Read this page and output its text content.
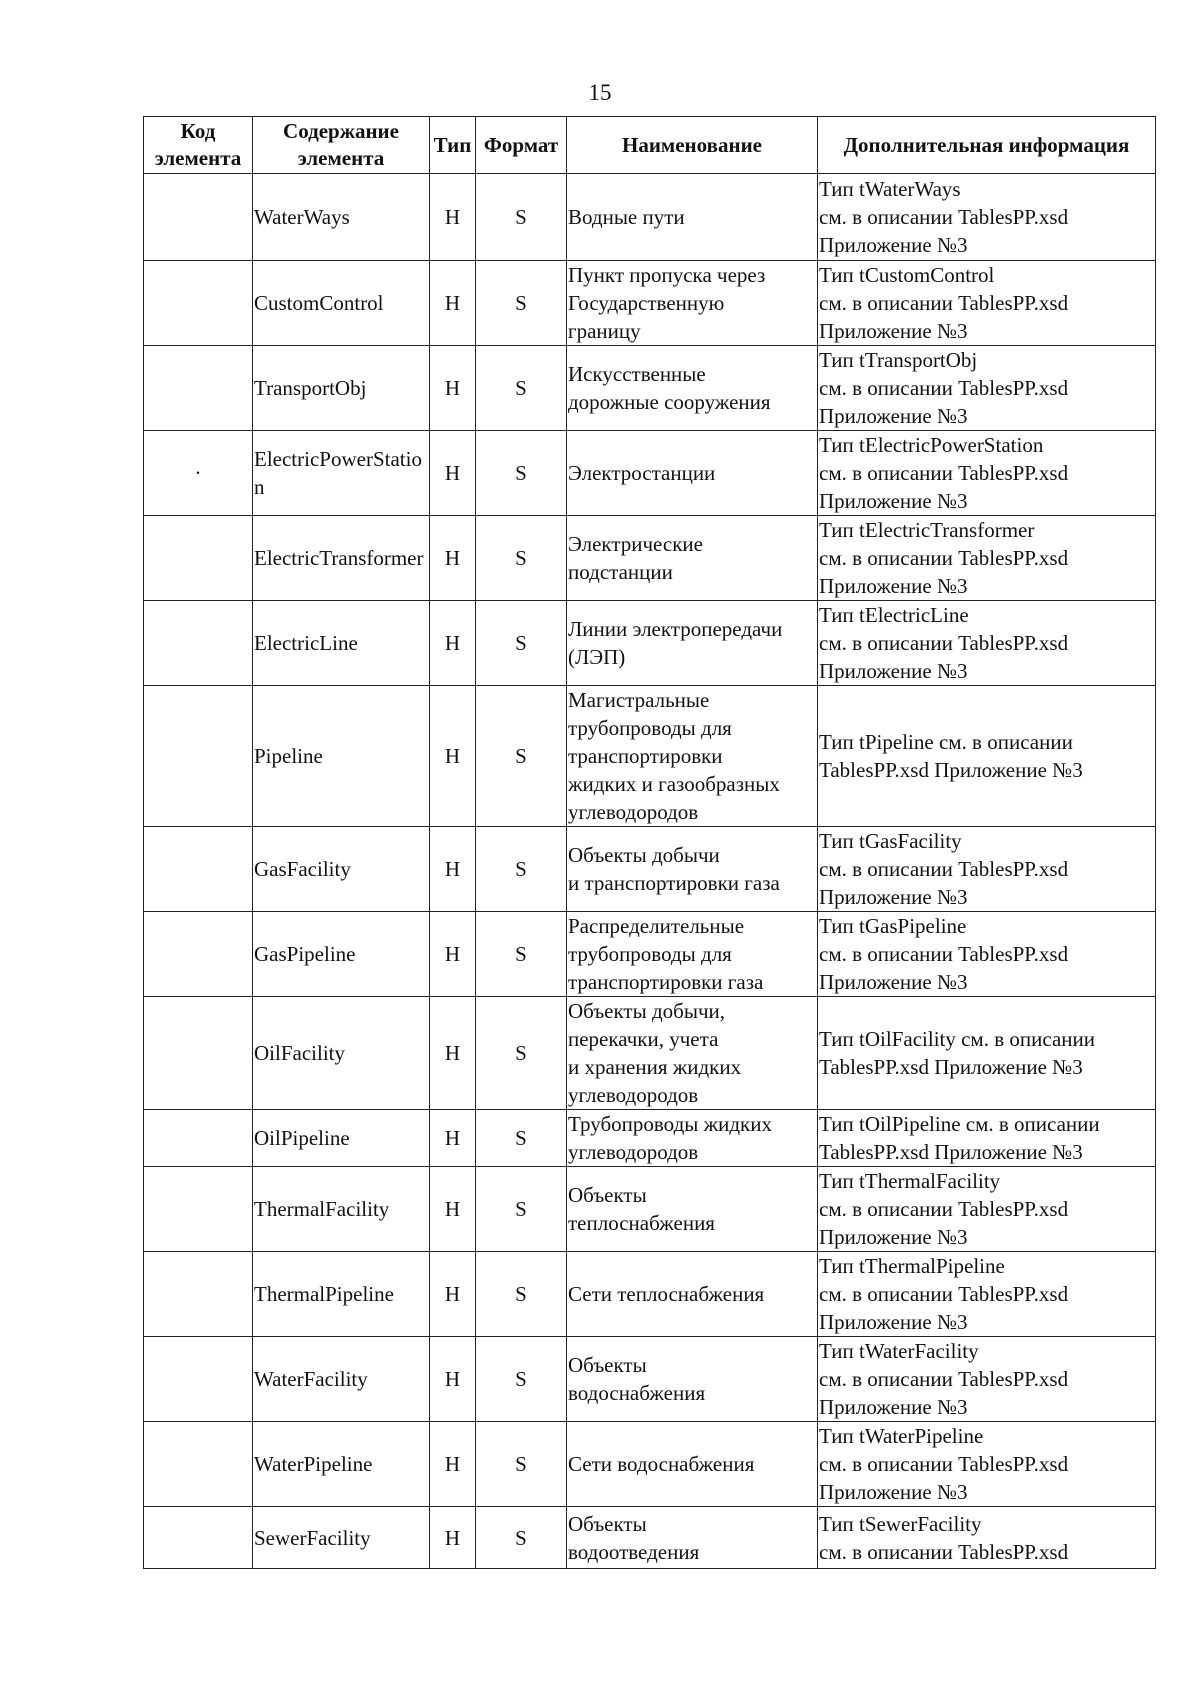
15
Код элемента	Содержание элемента	Тип	Формат	Наименование	Дополнительная информация
	WaterWays	Н	S	Водные пути	Тип tWaterWays
см. в описании TablesPP.xsd
Приложение №3
	CustomControl	Н	S	Пункт пропуска через
Государственную
границу	Тип tCustomControl
см. в описании TablesPP.xsd
Приложение №3
	TransportObj	Н	S	Искусственные
дорожные сооружения	Тип tTransportObj
см. в описании TablesPP.xsd
Приложение №3
·	ElectricPowerStation	Н	S	Электростанции	Тип tElectricPowerStation
см. в описании TablesPP.xsd
Приложение №3
	ElectricTransformer	Н	S	Электрические
подстанции	Тип tElectricTransformer
см. в описании TablesPP.xsd
Приложение №3
	ElectricLine	Н	S	Линии электропередачи
(ЛЭП)	Тип tElectricLine
см. в описании TablesPP.xsd
Приложение №3
	Pipeline	Н	S	Магистральные
трубопроводы для
транспортировки
жидких и газообразных
углеводородов	Тип tPipeline см. в описании
TablesPP.xsd Приложение №3
	GasFacility	Н	S	Объекты добычи
и транспортировки газа	Тип tGasFacility
см. в описании TablesPP.xsd
Приложение №3
	GasPipeline	Н	S	Распределительные
трубопроводы для
транспортировки газа	Тип tGasPipeline
см. в описании TablesPP.xsd
Приложение №3
	OilFacility	Н	S	Объекты добычи,
перекачки, учета
и хранения жидких
углеводородов	Тип tOilFacility см. в описании
TablesPP.xsd Приложение №3
	OilPipeline	Н	S	Трубопроводы жидких
углеводородов	Тип tOilPipeline см. в описании
TablesPP.xsd Приложение №3
	ThermalFacility	Н	S	Объекты
теплоснабжения	Тип tThermalFacility
см. в описании TablesPP.xsd
Приложение №3
	ThermalPipeline	Н	S	Сети теплоснабжения	Тип tThermalPipeline
см. в описании TablesPP.xsd
Приложение №3
	WaterFacility	Н	S	Объекты
водоснабжения	Тип tWaterFacility
см. в описании TablesPP.xsd
Приложение №3
	WaterPipeline	Н	S	Сети водоснабжения	Тип tWaterPipeline
см. в описании TablesPP.xsd
Приложение №3
	SewerFacility	Н	S	Объекты
водоотведения	Тип tSewerFacility
см. в описании TablesPP.xsd
